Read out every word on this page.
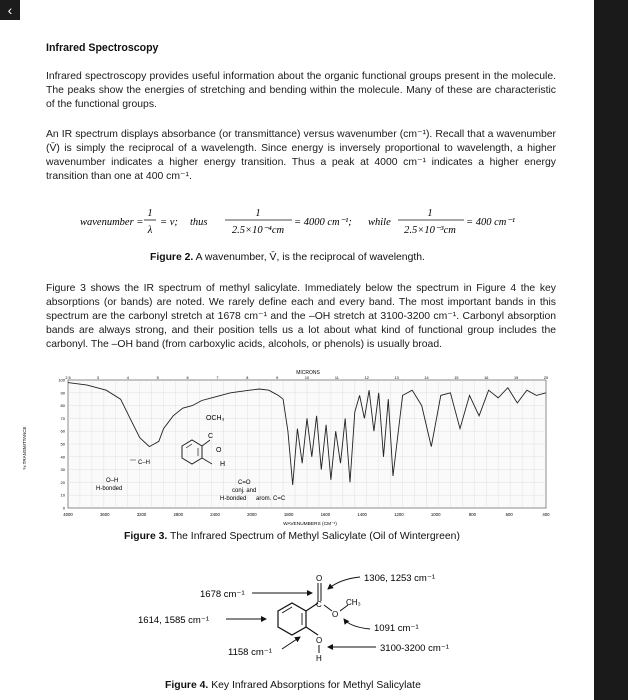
‹
Infrared Spectroscopy
Infrared spectroscopy provides useful information about the organic functional groups present in the molecule. The peaks show the energies of stretching and bending within the molecule. Many of these are characteristic of the functional groups.
An IR spectrum displays absorbance (or transmittance) versus wavenumber (cm⁻¹). Recall that a wavenumber (V̄) is simply the reciprocal of a wavelength. Since energy is inversely proportional to wavelength, a higher wavenumber indicates a higher energy transition. Thus a peak at 4000 cm⁻¹ indicates a higher energy transition than one at 400 cm⁻¹.
wavenumber =
1
λ
= v; thus
1
2.5×10⁻⁴cm
= 4000 cm⁻¹; while
1
2.5×10⁻³cm
= 400 cm⁻¹
Figure 2. A wavenumber, V̄, is the reciprocal of wavelength.
Figure 3 shows the IR spectrum of methyl salicylate. Immediately below the spectrum in Figure 4 the key absorptions (or bands) are noted. We rarely define each and every band. The most important bands in this spectrum are the carbonyl stretch at 1678 cm⁻¹ and the –OH stretch at 3100-3200 cm⁻¹. Carbonyl absorption bands are always strong, and their position tells us a lot about what kind of functional group includes the carbonyl. The –OH band (from carboxylic acids, alcohols, or phenols) is usually broad.
MICRONS
2.5	3	4	5	6	7	8	9	10	11	12	13	14	15	16	19	25
100
90
80
70
60
50
40
30
20
10
0
% TRANSMITTANCE
4000	3600	3200	2800	2400	2000	1800	1600	1400	1200	1000	800	600	400
WAVENUMBERS (CM⁻¹)
C–H
O–H
H-bonded
C=O
conj. and
H-bonded arom. C=C
OCH₃
C
O
H
Figure 3. The Infrared Spectrum of Methyl Salicylate (Oil of Wintergreen)
1678 cm⁻¹
1614, 1585 cm⁻¹
1158 cm⁻¹
O
C
O
CH₃
O
H
1306, 1253 cm⁻¹
1091 cm⁻¹
3100-3200 cm⁻¹
Figure 4. Key Infrared Absorptions for Methyl Salicylate
